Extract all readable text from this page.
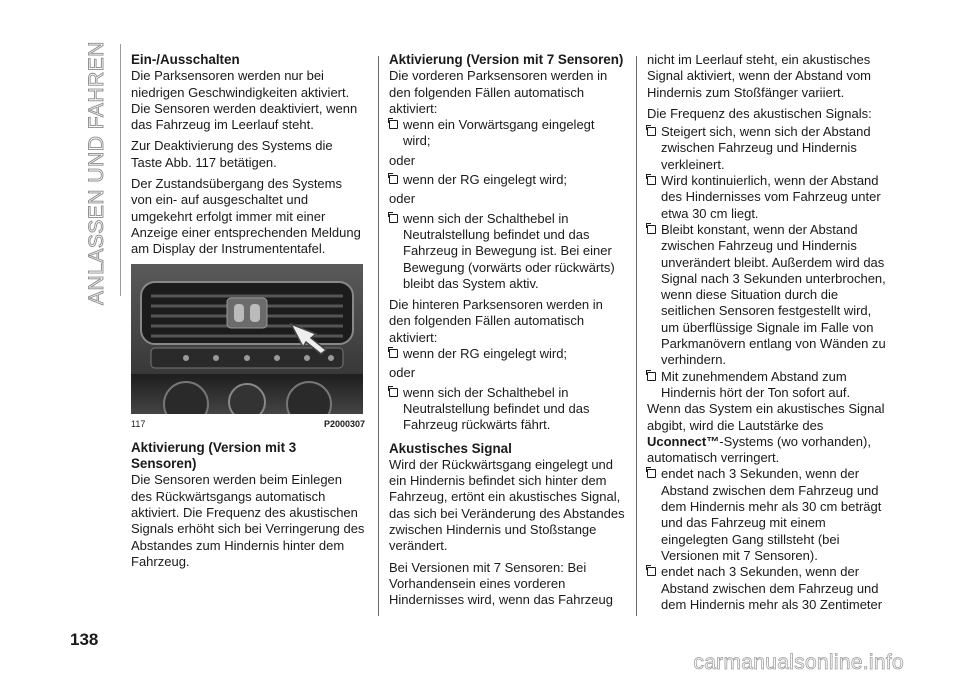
ANLASSEN UND FAHREN Ein-/Ausschalten

Die Parksensoren werden nur bei niedrigen Geschwindigkeiten aktiviert. Die Sensoren werden deaktiviert, wenn das Fahrzeug im Leerlauf steht.

Zur Deaktivierung des Systems die Taste Abb. 117 betätigen.

Der Zustandsübergang des Systems von ein- auf ausgeschaltet und umgekehrt erfolgt immer mit einer Anzeige einer entsprechenden Meldung am Display der Instrumententafel.

117	P2000307
Aktivierung (Version mit 3 Sensoren)

Die Sensoren werden beim Einlegen des Rückwärtsgangs automatisch aktiviert. Die Frequenz des akustischen Signals erhöht sich bei Verringerung des Abstandes zum Hindernis hinter dem Fahrzeug.

Aktivierung (Version mit 7 Sensoren)

Die vorderen Parksensoren werden in den folgenden Fällen automatisch aktiviert:

wenn ein Vorwärtsgang eingelegt wird;

oder

wenn der RG eingelegt wird;

oder

wenn sich der Schalthebel in Neutralstellung befindet und das Fahrzeug in Bewegung ist. Bei einer Bewegung (vorwärts oder rückwärts) bleibt das System aktiv.

Die hinteren Parksensoren werden in den folgenden Fällen automatisch aktiviert:

wenn der RG eingelegt wird;

oder

wenn sich der Schalthebel in Neutralstellung befindet und das Fahrzeug rückwärts fährt.
Akustisches Signal

Wird der Rückwärtsgang eingelegt und ein Hindernis befindet sich hinter dem Fahrzeug, ertönt ein akustisches Signal, das sich bei Veränderung des Abstandes zwischen Hindernis und Stoßstange verändert.

Bei Versionen mit 7 Sensoren: Bei Vorhandensein eines vorderen Hindernisses wird, wenn das Fahrzeug

nicht im Leerlauf steht, ein akustisches Signal aktiviert, wenn der Abstand vom Hindernis zum Stoßfänger variiert.

Die Frequenz des akustischen Signals:

Steigert sich, wenn sich der Abstand zwischen Fahrzeug und Hindernis verkleinert.
Wird kontinuierlich, wenn der Abstand des Hindernisses vom Fahrzeug unter etwa 30 cm liegt.
Bleibt konstant, wenn der Abstand zwischen Fahrzeug und Hindernis unverändert bleibt. Außerdem wird das Signal nach 3 Sekunden unterbrochen, wenn diese Situation durch die seitlichen Sensoren festgestellt wird, um überflüssige Signale im Falle von Parkmanövern entlang von Wänden zu verhindern.
Mit zunehmendem Abstand zum Hindernis hört der Ton sofort auf.

Wenn das System ein akustisches Signal abgibt, wird die Lautstärke des Uconnect™-Systems (wo vorhanden), automatisch verringert.

endet nach 3 Sekunden, wenn der Abstand zwischen dem Fahrzeug und dem Hindernis mehr als 30 cm beträgt und das Fahrzeug mit einem eingelegten Gang stillsteht (bei Versionen mit 7 Sensoren).
endet nach 3 Sekunden, wenn der Abstand zwischen dem Fahrzeug und dem Hindernis mehr als 30 Zentimeter
138
carmanualsonline.info
